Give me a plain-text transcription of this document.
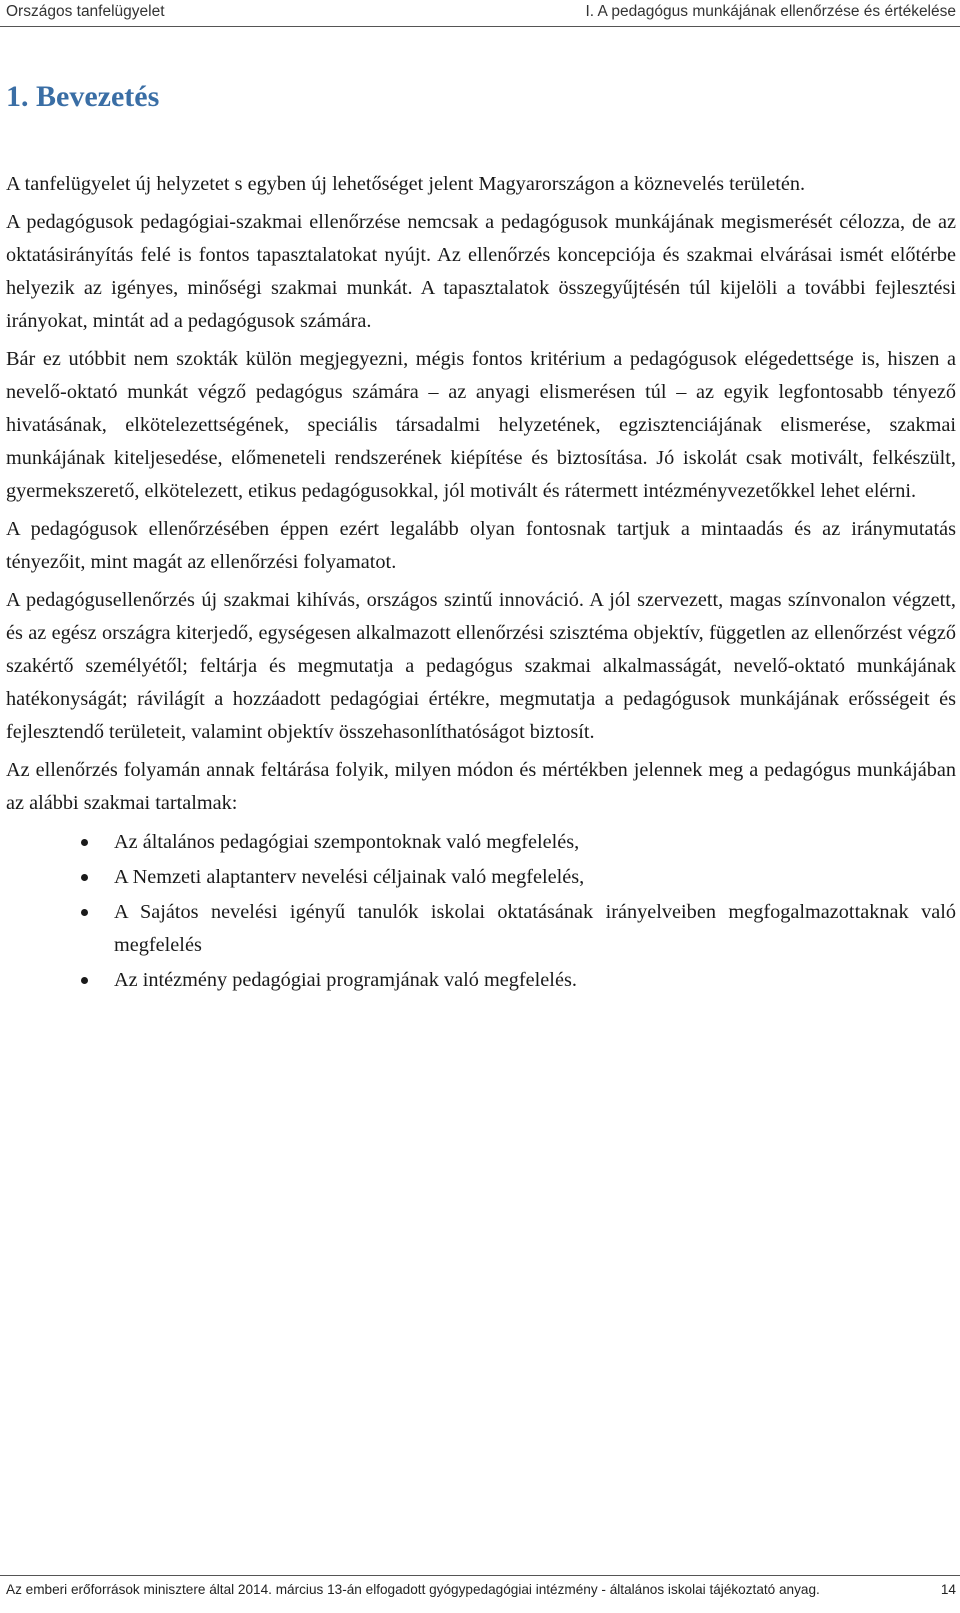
Országos tanfelügyelet	I. A pedagógus munkájának ellenőrzése és értékelése
1. Bevezetés

A tanfelügyelet új helyzetet s egyben új lehetőséget jelent Magyarországon a köznevelés területén.

A pedagógusok pedagógiai-szakmai ellenőrzése nemcsak a pedagógusok munkájának megismerését célozza, de az oktatásirányítás felé is fontos tapasztalatokat nyújt. Az ellenőrzés koncepciója és szakmai elvárásai ismét előtérbe helyezik az igényes, minőségi szakmai munkát. A tapasztalatok összegyűjtésén túl kijelöli a további fejlesztési irányokat, mintát ad a pedagógusok számára.

Bár ez utóbbit nem szokták külön megjegyezni, mégis fontos kritérium a pedagógusok elégedettsége is, hiszen a nevelő-oktató munkát végző pedagógus számára – az anyagi elismerésen túl – az egyik legfontosabb tényező hivatásának, elkötelezettségének, speciális társadalmi helyzetének, egzisztenciájának elismerése, szakmai munkájának kiteljesedése, előmeneteli rendszerének kiépítése és biztosítása. Jó iskolát csak motivált, felkészült, gyermekszerető, elkötelezett, etikus pedagógusokkal, jól motivált és rátermett intézményvezetőkkel lehet elérni.

A pedagógusok ellenőrzésében éppen ezért legalább olyan fontosnak tartjuk a mintaadás és az iránymutatás tényezőit, mint magát az ellenőrzési folyamatot.

A pedagógusellenőrzés új szakmai kihívás, országos szintű innováció. A jól szervezett, magas színvonalon végzett, és az egész országra kiterjedő, egységesen alkalmazott ellenőrzési szisztéma objektív, független az ellenőrzést végző szakértő személyétől; feltárja és megmutatja a pedagógus szakmai alkalmasságát, nevelő-oktató munkájának hatékonyságát; rávilágít a hozzáadott pedagógiai értékre, megmutatja a pedagógusok munkájának erősségeit és fejlesztendő területeit, valamint objektív összehasonlíthatóságot biztosít.

Az ellenőrzés folyamán annak feltárása folyik, milyen módon és mértékben jelennek meg a pedagógus munkájában az alábbi szakmai tartalmak:

Az általános pedagógiai szempontoknak való megfelelés,
A Nemzeti alaptanterv nevelési céljainak való megfelelés,
A Sajátos nevelési igényű tanulók iskolai oktatásának irányelveiben megfogalmazottaknak való megfelelés
Az intézmény pedagógiai programjának való megfelelés.
Az emberi erőforrások minisztere által 2014. március 13-án elfogadott gyógypedagógiai intézmény - általános iskolai tájékoztató anyag.	14
